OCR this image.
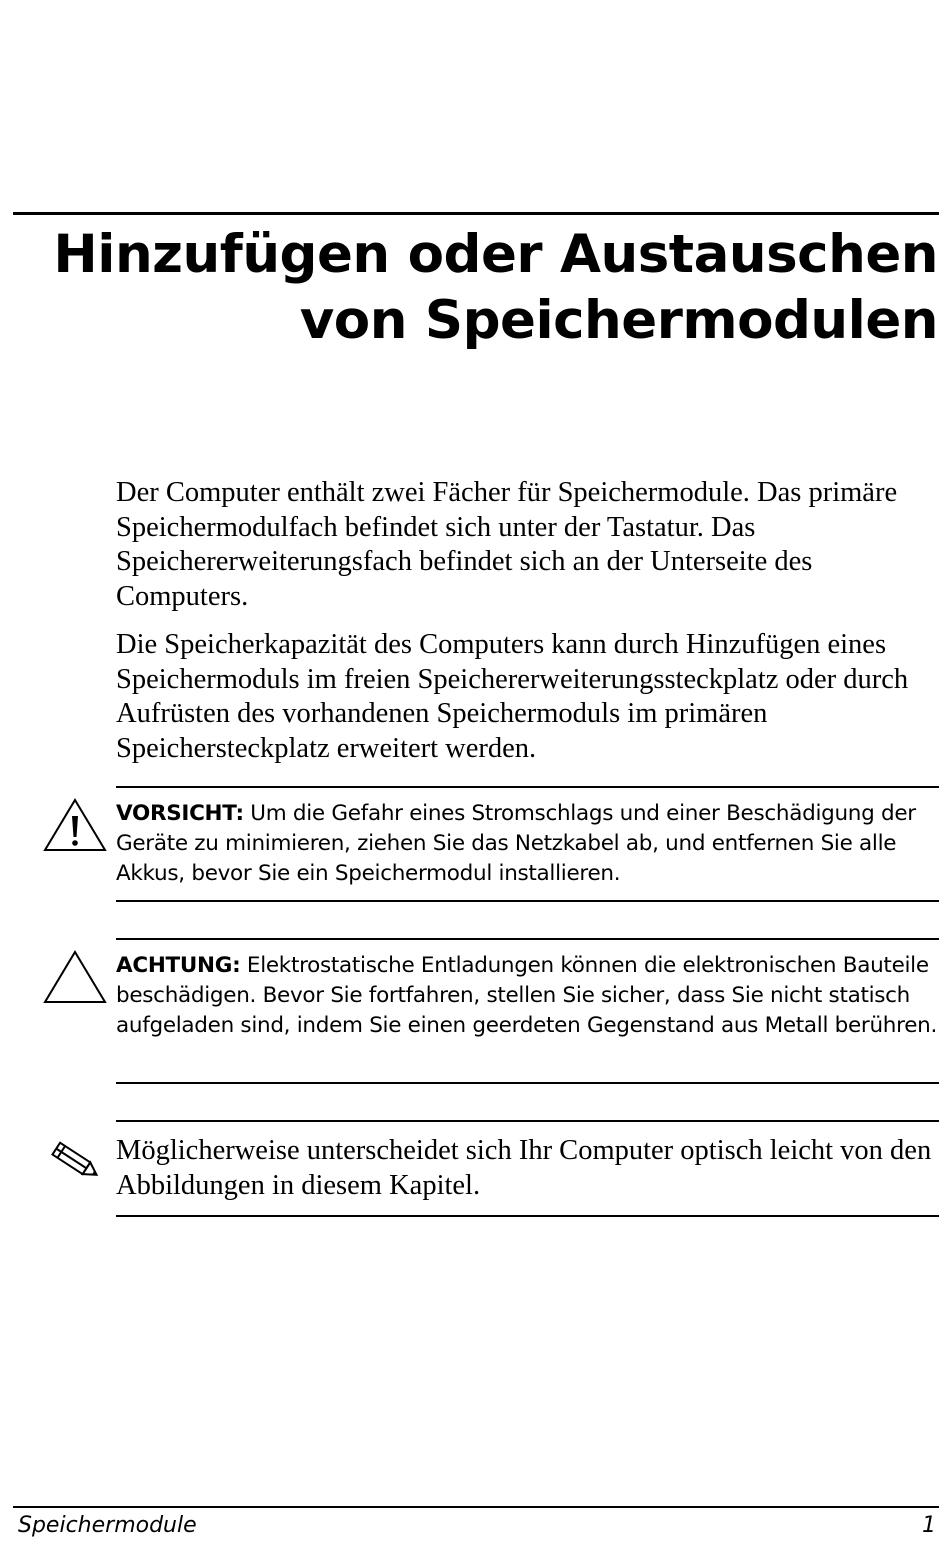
Hinzufügen oder Austauschen
von Speichermodulen

Der Computer enthält zwei Fächer für Speichermodule. Das primäre Speichermodulfach befindet sich unter der Tastatur. Das Speichererweiterungsfach befindet sich an der Unterseite des Computers.

Die Speicherkapazität des Computers kann durch Hinzufügen eines Speichermoduls im freien Speichererweiterungssteckplatz oder durch Aufrüsten des vorhandenen Speichermoduls im primären Speichersteckplatz erweitert werden.

VORSICHT: Um die Gefahr eines Stromschlags und einer Beschädigung der Geräte zu minimieren, ziehen Sie das Netzkabel ab, und entfernen Sie alle Akkus, bevor Sie ein Speichermodul installieren.

ACHTUNG: Elektrostatische Entladungen können die elektronischen Bauteile beschädigen. Bevor Sie fortfahren, stellen Sie sicher, dass Sie nicht statisch aufgeladen sind, indem Sie einen geerdeten Gegenstand aus Metall berühren.

Möglicherweise unterscheidet sich Ihr Computer optisch leicht von den Abbildungen in diesem Kapitel.

Speichermodule	1
